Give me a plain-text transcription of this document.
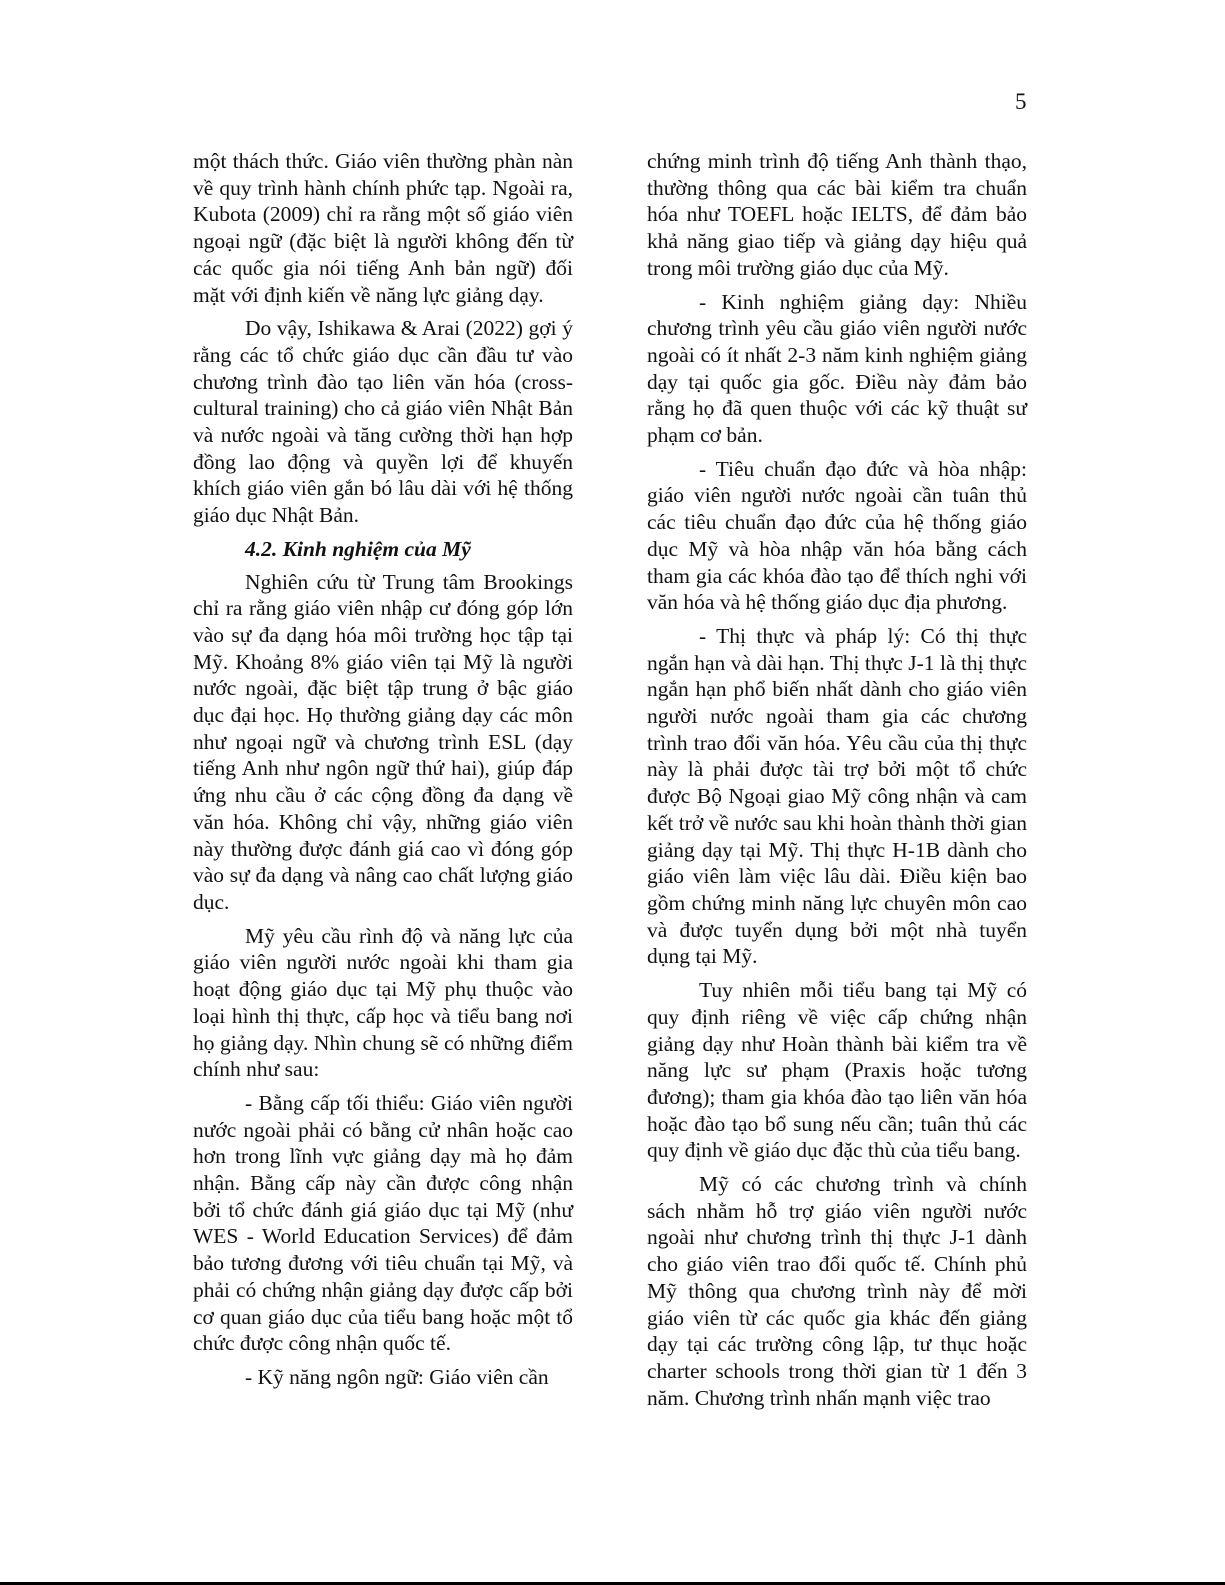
5

một thách thức. Giáo viên thường phàn nàn về quy trình hành chính phức tạp. Ngoài ra, Kubota (2009) chỉ ra rằng một số giáo viên ngoại ngữ (đặc biệt là người không đến từ các quốc gia nói tiếng Anh bản ngữ) đối mặt với định kiến về năng lực giảng dạy.

Do vậy, Ishikawa & Arai (2022) gợi ý rằng các tổ chức giáo dục cần đầu tư vào chương trình đào tạo liên văn hóa (cross-cultural training) cho cả giáo viên Nhật Bản và nước ngoài và tăng cường thời hạn hợp đồng lao động và quyền lợi để khuyến khích giáo viên gắn bó lâu dài với hệ thống giáo dục Nhật Bản.

4.2. Kinh nghiệm của Mỹ

Nghiên cứu từ Trung tâm Brookings chỉ ra rằng giáo viên nhập cư đóng góp lớn vào sự đa dạng hóa môi trường học tập tại Mỹ. Khoảng 8% giáo viên tại Mỹ là người nước ngoài, đặc biệt tập trung ở bậc giáo dục đại học. Họ thường giảng dạy các môn như ngoại ngữ và chương trình ESL (dạy tiếng Anh như ngôn ngữ thứ hai), giúp đáp ứng nhu cầu ở các cộng đồng đa dạng về văn hóa. Không chỉ vậy, những giáo viên này thường được đánh giá cao vì đóng góp vào sự đa dạng và nâng cao chất lượng giáo dục.

Mỹ yêu cầu rình độ và năng lực của giáo viên người nước ngoài khi tham gia hoạt động giáo dục tại Mỹ phụ thuộc vào loại hình thị thực, cấp học và tiểu bang nơi họ giảng dạy. Nhìn chung sẽ có những điểm chính như sau:

- Bằng cấp tối thiểu: Giáo viên người nước ngoài phải có bằng cử nhân hoặc cao hơn trong lĩnh vực giảng dạy mà họ đảm nhận. Bằng cấp này cần được công nhận bởi tổ chức đánh giá giáo dục tại Mỹ (như WES - World Education Services) để đảm bảo tương đương với tiêu chuẩn tại Mỹ, và phải có chứng nhận giảng dạy được cấp bởi cơ quan giáo dục của tiểu bang hoặc một tổ chức được công nhận quốc tế.

- Kỹ năng ngôn ngữ: Giáo viên cần

chứng minh trình độ tiếng Anh thành thạo, thường thông qua các bài kiểm tra chuẩn hóa như TOEFL hoặc IELTS, để đảm bảo khả năng giao tiếp và giảng dạy hiệu quả trong môi trường giáo dục của Mỹ.

- Kinh nghiệm giảng dạy: Nhiều chương trình yêu cầu giáo viên người nước ngoài có ít nhất 2-3 năm kinh nghiệm giảng dạy tại quốc gia gốc. Điều này đảm bảo rằng họ đã quen thuộc với các kỹ thuật sư phạm cơ bản.

- Tiêu chuẩn đạo đức và hòa nhập: giáo viên người nước ngoài cần tuân thủ các tiêu chuẩn đạo đức của hệ thống giáo dục Mỹ và hòa nhập văn hóa bằng cách tham gia các khóa đào tạo để thích nghi với văn hóa và hệ thống giáo dục địa phương.

- Thị thực và pháp lý: Có thị thực ngắn hạn và dài hạn. Thị thực J-1 là thị thực ngắn hạn phổ biến nhất dành cho giáo viên người nước ngoài tham gia các chương trình trao đổi văn hóa. Yêu cầu của thị thực này là phải được tài trợ bởi một tổ chức được Bộ Ngoại giao Mỹ công nhận và cam kết trở về nước sau khi hoàn thành thời gian giảng dạy tại Mỹ. Thị thực H-1B dành cho giáo viên làm việc lâu dài. Điều kiện bao gồm chứng minh năng lực chuyên môn cao và được tuyển dụng bởi một nhà tuyển dụng tại Mỹ.

Tuy nhiên mỗi tiểu bang tại Mỹ có quy định riêng về việc cấp chứng nhận giảng dạy như Hoàn thành bài kiểm tra về năng lực sư phạm (Praxis hoặc tương đương); tham gia khóa đào tạo liên văn hóa hoặc đào tạo bổ sung nếu cần; tuân thủ các quy định về giáo dục đặc thù của tiểu bang.

Mỹ có các chương trình và chính sách nhằm hỗ trợ giáo viên người nước ngoài như chương trình thị thực J-1 dành cho giáo viên trao đổi quốc tế. Chính phủ Mỹ thông qua chương trình này để mời giáo viên từ các quốc gia khác đến giảng dạy tại các trường công lập, tư thục hoặc charter schools trong thời gian từ 1 đến 3 năm. Chương trình nhấn mạnh việc trao
